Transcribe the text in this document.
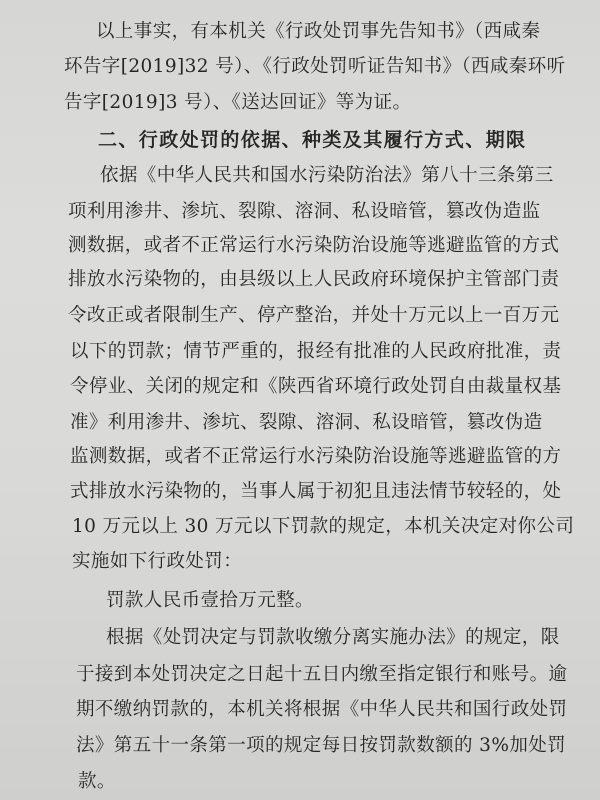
以上事实，有本机关《行政处罚事先告知书》（西咸秦
环告字[2019]32 号）、《行政处罚听证告知书》（西咸秦环听
告字[2019]3 号）、《送达回证》等为证。
二、行政处罚的依据、种类及其履行方式、期限
依据《中华人民共和国水污染防治法》第八十三条第三
项利用渗井、渗坑、裂隙、溶洞、私设暗管，篡改伪造监
测数据，或者不正常运行水污染防治设施等逃避监管的方式
排放水污染物的，由县级以上人民政府环境保护主管部门责
令改正或者限制生产、停产整治，并处十万元以上一百万元
以下的罚款；情节严重的，报经有批准的人民政府批准，责
令停业、关闭的规定和《陕西省环境行政处罚自由裁量权基
准》利用渗井、渗坑、裂隙、溶洞、私设暗管，篡改伪造
监测数据，或者不正常运行水污染防治设施等逃避监管的方
式排放水污染物的，当事人属于初犯且违法情节较轻的，处
10 万元以上 30 万元以下罚款的规定，本机关决定对你公司
实施如下行政处罚：
罚款人民币壹拾万元整。
根据《处罚决定与罚款收缴分离实施办法》的规定，限
于接到本处罚决定之日起十五日内缴至指定银行和账号。逾
期不缴纳罚款的，本机关将根据《中华人民共和国行政处罚
法》第五十一条第一项的规定每日按罚款数额的 3%加处罚
款。
